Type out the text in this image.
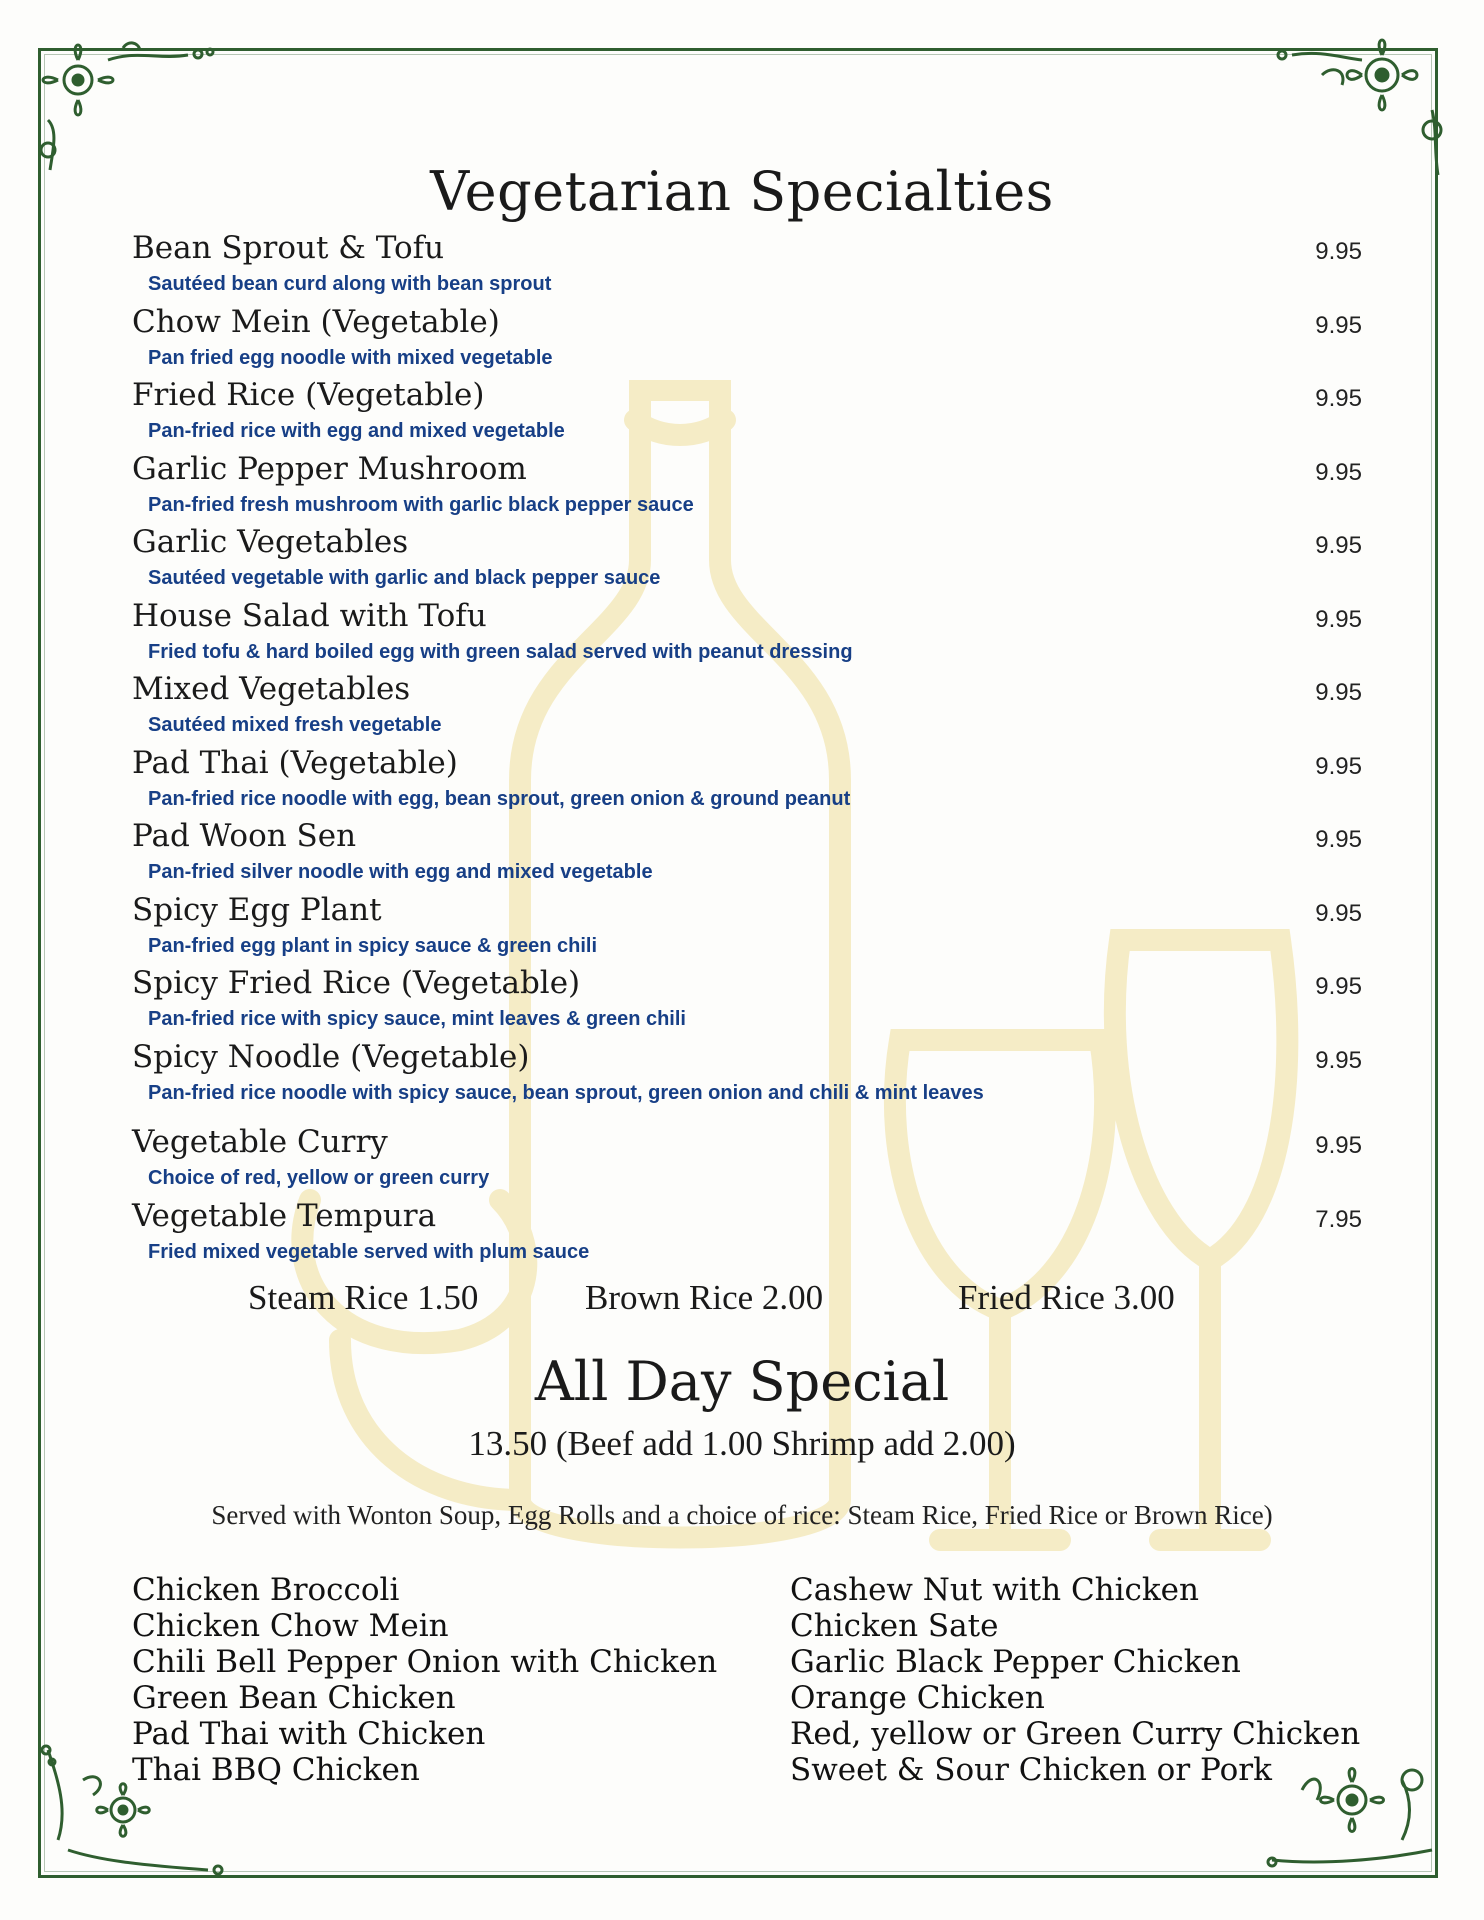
Vegetarian Specialties
Bean Sprout & Tofu	9.95
Sautéed bean curd along with bean sprout
Chow Mein (Vegetable)	9.95
Pan fried egg noodle with mixed vegetable
Fried Rice (Vegetable)	9.95
Pan-fried rice with egg and mixed vegetable
Garlic Pepper Mushroom	9.95
Pan-fried fresh mushroom with garlic black pepper sauce
Garlic Vegetables	9.95
Sautéed vegetable with garlic and black pepper sauce
House Salad with Tofu	9.95
Fried tofu & hard boiled egg with green salad served with peanut dressing
Mixed Vegetables	9.95
Sautéed mixed fresh vegetable
Pad Thai (Vegetable)	9.95
Pan-fried rice noodle with egg, bean sprout, green onion & ground peanut
Pad Woon Sen	9.95
Pan-fried silver noodle with egg and mixed vegetable
Spicy Egg Plant	9.95
Pan-fried egg plant in spicy sauce & green chili
Spicy Fried Rice (Vegetable)	9.95
Pan-fried rice with spicy sauce, mint leaves & green chili
Spicy Noodle (Vegetable)	9.95
Pan-fried rice noodle with spicy sauce, bean sprout, green onion and chili & mint leaves
Vegetable Curry	9.95
Choice of red, yellow or green curry
Vegetable Tempura	7.95
Fried mixed vegetable served with plum sauce
Steam Rice 1.50	Brown Rice 2.00	Fried Rice 3.00
All Day Special
13.50 (Beef add 1.00 Shrimp add 2.00)
Served with Wonton Soup, Egg Rolls and a choice of rice: Steam Rice, Fried Rice or Brown Rice)
Chicken Broccoli
Chicken Chow Mein
Chili Bell Pepper Onion with Chicken
Green Bean Chicken
Pad Thai with Chicken
Thai BBQ Chicken
Cashew Nut with Chicken
Chicken Sate
Garlic Black Pepper Chicken
Orange Chicken
Red, yellow or Green Curry Chicken
Sweet & Sour Chicken or Pork
